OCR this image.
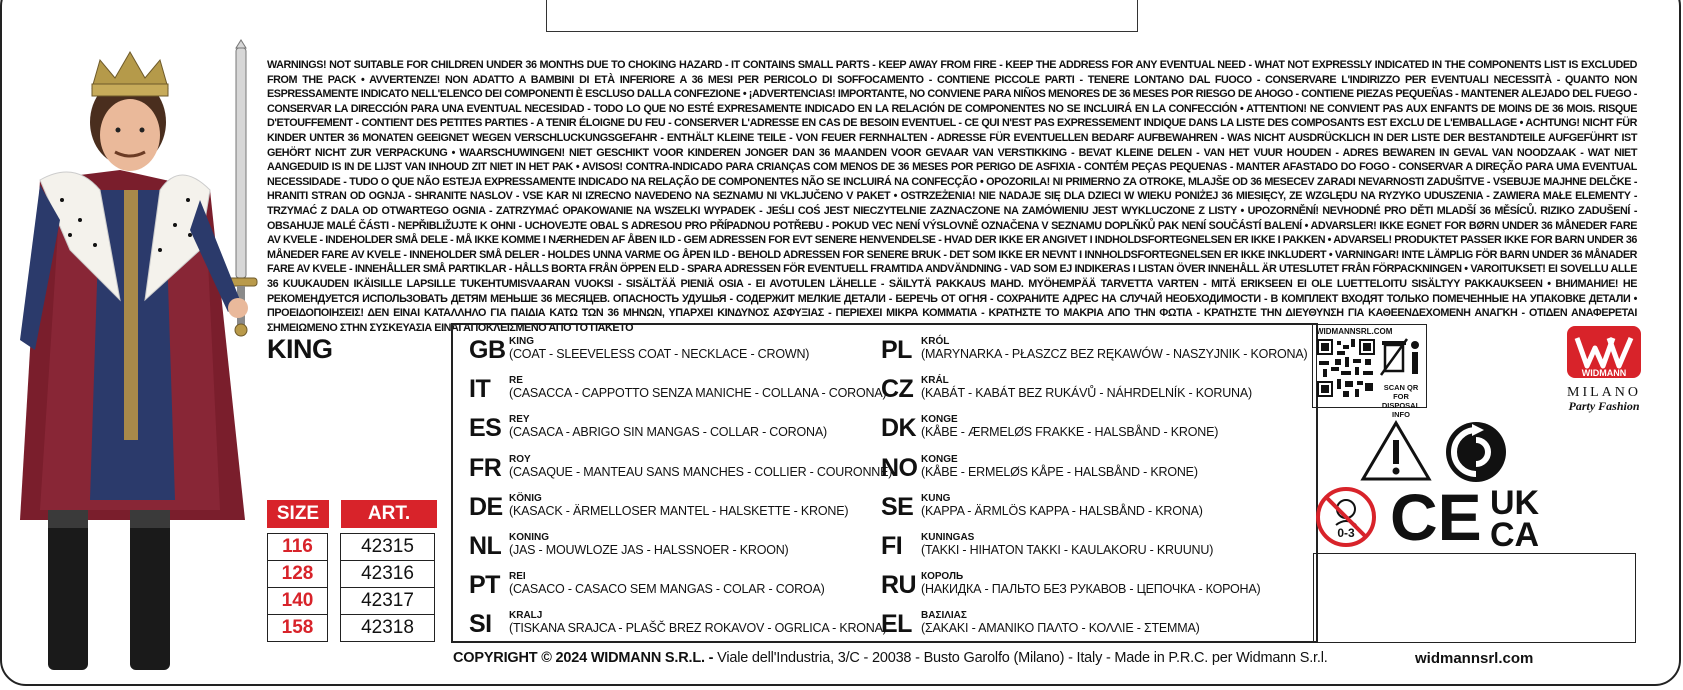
WARNINGS! NOT SUITABLE FOR CHILDREN UNDER 36 MONTHS DUE TO CHOKING HAZARD - IT CONTAINS SMALL PARTS - KEEP AWAY FROM FIRE - KEEP THE ADDRESS FOR ANY EVENTUAL NEED - WHAT NOT EXPRESSLY INDICATED IN THE COMPONENTS LIST IS EXCLUDED FROM THE PACK • AVVERTENZE! NON ADATTO A BAMBINI DI ETÀ INFERIORE A 36 MESI PER PERICOLO DI SOFFOCAMENTO - CONTIENE PICCOLE PARTI - TENERE LONTANO DAL FUOCO - CONSERVARE L'INDIRIZZO PER EVENTUALI NECESSITÀ - QUANTO NON ESPRESSAMENTE INDICATO NELL'ELENCO DEI COMPONENTI È ESCLUSO DALLA CONFEZIONE • ¡ADVERTENCIAS! IMPORTANTE, NO CONVIENE PARA NIÑOS MENORES DE 36 MESES POR RIESGO DE AHOGO - CONTIENE PIEZAS PEQUEÑAS - MANTENER ALEJADO DEL FUEGO - CONSERVAR LA DIRECCIÓN PARA UNA EVENTUAL NECESIDAD - TODO LO QUE NO ESTÉ EXPRESAMENTE INDICADO EN LA RELACIÓN DE COMPONENTES NO SE INCLUIRÁ EN LA CONFECCIÓN • ATTENTION! NE CONVIENT PAS AUX ENFANTS DE MOINS DE 36 MOIS. RISQUE D'ETOUFFEMENT - CONTIENT DES PETITES PARTIES - A TENIR ÉLOIGNE DU FEU - CONSERVER L'ADRESSE EN CAS DE BESOIN EVENTUEL - CE QUI N'EST PAS EXPRESSEMENT INDIQUE DANS LA LISTE DES COMPOSANTS EST EXCLU DE L'EMBALLAGE • ACHTUNG! NICHT FÜR KINDER UNTER 36 MONATEN GEEIGNET WEGEN VERSCHLUCKUNGSGEFAHR - ENTHÄLT KLEINE TEILE - VON FEUER FERNHALTEN - ADRESSE FÜR EVENTUELLEN BEDARF AUFBEWAHREN - WAS NICHT AUSDRÜCKLICH IN DER LISTE DER BESTANDTEILE AUFGEFÜHRT IST GEHÖRT NICHT ZUR VERPACKUNG • WAARSCHUWINGEN! NIET GESCHIKT VOOR KINDEREN JONGER DAN 36 MAANDEN VOOR GEVAAR VAN VERSTIKKING - BEVAT KLEINE DELEN - VAN HET VUUR HOUDEN - ADRES BEWAREN IN GEVAL VAN NOODZAAK - WAT NIET AANGEDUID IS IN DE LIJST VAN INHOUD ZIT NIET IN HET PAK • AVISOS! CONTRA-INDICADO PARA CRIANÇAS COM MENOS DE 36 MESES POR PERIGO DE ASFIXIA - CONTÉM PEÇAS PEQUENAS - MANTER AFASTADO DO FOGO - CONSERVAR A DIREÇÃO PARA UMA EVENTUAL NECESSIDADE - TUDO O QUE NÃO ESTEJA EXPRESSAMENTE INDICADO NA RELAÇÃO DE COMPONENTES NÃO SE INCLUIRÁ NA CONFECÇÃO • OPOZORILA! NI PRIMERNO ZA OTROKE, MLAJŠE OD 36 MESECEV ZARADI NEVARNOSTI ZADUŠITVE - VSEBUJE MAJHNE DELČKE - HRANITI STRAN OD OGNJA - SHRANITE NASLOV - VSE KAR NI IZRECNO NAVEDENO NA SEZNAMU NI VKLJUČENO V PAKET • OSTRZEŻENIA! NIE NADAJE SIĘ DLA DZIECI W WIEKU PONIŻEJ 36 MIESIĘCY, ZE WZGLĘDU NA RYZYKO UDUSZENIA - ZAWIERA MAŁE ELEMENTY - TRZYMAĆ Z DALA OD OTWARTEGO OGNIA - ZATRZYMAĆ OPAKOWANIE NA WSZELKI WYPADEK - JEŚLI COŚ JEST NIECZYTELNIE ZAZNACZONE NA ZAMÓWIENIU JEST WYKLUCZONE Z LISTY • UPOZORNĚNÍ! NEVHODNÉ PRO DĚTI MLADŠÍ 36 MĚSÍCŮ. RIZIKO ZADUŠENÍ - OBSAHUJE MALÉ ČÁSTI - NEPŘIBLIŽUJTE K OHNI - UCHOVEJTE OBAL S ADRESOU PRO PŘÍPADNOU POTŘEBU - POKUD VEC NENÍ VÝSLOVNĚ OZNAČENA V SEZNAMU DOPLŇKŮ PAK NENÍ SOUČÁSTÍ BALENÍ • ADVARSLER! IKKE EGNET FOR BØRN UNDER 36 MÅNEDER FARE AV KVELE - INDEHOLDER SMÅ DELE - MÅ IKKE KOMME I NÆRHEDEN AF ÅBEN ILD - GEM ADRESSEN FOR EVT SENERE HENVENDELSE - HVAD DER IKKE ER ANGIVET I INDHOLDSFORTEGNELSEN ER IKKE I PAKKEN • ADVARSEL! PRODUKTET PASSER IKKE FOR BARN UNDER 36 MÅNEDER FARE AV KVELE - INNEHOLDER SMÅ DELER - HOLDES UNNA VARME OG ÅPEN ILD - BEHOLD ADRESSEN FOR SENERE BRUK - DET SOM IKKE ER NEVNT I INNHOLDSFORTEGNELSEN ER IKKE INKLUDERT • VARNINGAR! INTE LÄMPLIG FÖR BARN UNDER 36 MÅNADER FARE AV KVELE - INNEHÅLLER SMÅ PARTIKLAR - HÅLLS BORTA FRÅN ÖPPEN ELD - SPARA ADRESSEN FÖR EVENTUELL FRAMTIDA ANDVÄNDNING - VAD SOM EJ INDIKERAS I LISTAN ÖVER INNEHÅLL ÄR UTESLUTET FRÅN FÖRPACKNINGEN • VAROITUKSET! EI SOVELLU ALLE 36 KUUKAUDEN IKÄISILLE LAPSILLE TUKEHTUMISVAARAN VUOKSI - SISÄLTÄÄ PIENIÄ OSIA - EI AVOTULEN LÄHELLE - SÄILYTÄ PAKKAUS MAHD. MYÖHEMPÄÄ TARVETTA VARTEN - MITÄ ERIKSEEN EI OLE LUETTELOITU SISÄLTYY PAKKAUKSEEN • ВНИМАНИЕ! НЕ РЕКОМЕНДУЕТСЯ ИСПОЛЬЗОВАТЬ ДЕТЯМ МЕНЬШЕ 36 МЕСЯЦЕВ. ОПАСНОСТЬ УДУШЬЯ - СОДЕРЖИТ МЕЛКИЕ ДЕТАЛИ - БЕРЕЧЬ ОТ ОГНЯ - СОХРАНИТЕ АДРЕС НА СЛУЧАЙ НЕОБХОДИМОСТИ - В КОМПЛЕКТ ВХОДЯТ ТОЛЬКО ПОМЕЧЕННЫЕ НА УПАКОВКЕ ДЕТАЛИ • ΠΡΟΕΙΔΟΠΟΙΗΣΕΙΣ! ΔΕΝ ΕΙΝΑΙ ΚΑΤΑΛΛΗΛΟ ΓΙΑ ΠΑΙΔΙΑ ΚΑΤΩ ΤΩΝ 36 ΜΗΝΩΝ, ΥΠΑΡΧΕΙ ΚΙΝΔΥΝΟΣ ΑΣΦΥΞΙΑΣ - ΠΕΡΙΕΧΕΙ ΜΙΚΡΑ ΚΟΜΜΑΤΙΑ - ΚΡΑΤΗΣΤΕ ΤΟ ΜΑΚΡΙΑ ΑΠΟ ΤΗΝ ΦΩΤΙΑ - ΚΡΑΤΗΣΤΕ ΤΗΝ ΔΙΕΥΘΥΝΣΗ ΓΙΑ ΚΑΘΕΕΝΔΕΧΟΜΕΝΗ ΑΝΑΓΚΗ - ΟΤΙΔΕΝ ΑΝΑΦΕΡΕΤΑΙ ΣΗΜΕΙΩΜΕΝΟ ΣΤΗΝ ΣΥΣΚΕΥΑΣΙΑ ΕΙΝΑΙ ΑΠΟΚΛΕΙΣΜΕΝΟ ΑΠΟ ΤΟ ΠΑΚΕΤΟ
KING
SIZE	ART.
116
128
140
158
42315
42316
42317
42318
GB KING
(COAT - SLEEVELESS COAT - NECKLACE - CROWN)
IT RE
(CASACCA - CAPPOTTO SENZA MANICHE - COLLANA - CORONA)
ES REY
(CASACA - ABRIGO SIN MANGAS - COLLAR - CORONA)
FR ROY
(CASAQUE - MANTEAU SANS MANCHES - COLLIER - COURONNE)
DE KÖNIG
(KASACK - ÄRMELLOSER MANTEL - HALSKETTE - KRONE)
NL KONING
(JAS - MOUWLOZE JAS - HALSSNOER - KROON)
PT REI
(CASACO - CASACO SEM MANGAS - COLAR - COROA)
SI KRALJ
(TISKANA SRAJCA - PLAŠČ BREZ ROKAVOV - OGRLICA - KRONA)
PL KRÓL
(MARYNARKA - PŁASZCZ BEZ RĘKAWÓW - NASZYJNIK - KORONA)
CZ KRÁL
(KABÁT - KABÁT BEZ RUKÁVŮ - NÁHRDELNÍK - KORUNA)
DK KONGE
(KÅBE - ÆRMELØS FRAKKE - HALSBÅND - KRONE)
NO KONGE
(KÅBE - ERMELØS KÅPE - HALSBÅND - KRONE)
SE KUNG
(KAPPA - ÄRMLÖS KAPPA - HALSBÅND - KRONA)
FI KUNINGAS
(TAKKI - HIHATON TAKKI - KAULAKORU - KRUUNU)
RU КОРОЛЬ
(НАКИДКА - ПАЛЬТО БЕЗ РУКАВОВ - ЦЕПОЧКА - КОРОНА)
EL ΒΑΣΙΛΙΑΣ
(ΣΑΚΑΚΙ - ΑΜΑΝΙΚΟ ΠΑΛΤΟ - ΚΟΛΛΙΕ - ΣΤΕΜΜΑ)
COPYRIGHT © 2024 WIDMANN S.R.L. - Viale dell'Industria, 3/C - 20038 - Busto Garolfo (Milano) - Italy - Made in P.R.C. per Widmann S.r.l.	widmannsrl.com
WIDMANNSRL.COM
SCAN QR FOR DISPOSAL INFO
WIDMANN
MILANO
Party Fashion
0-3 CE UK
CA
